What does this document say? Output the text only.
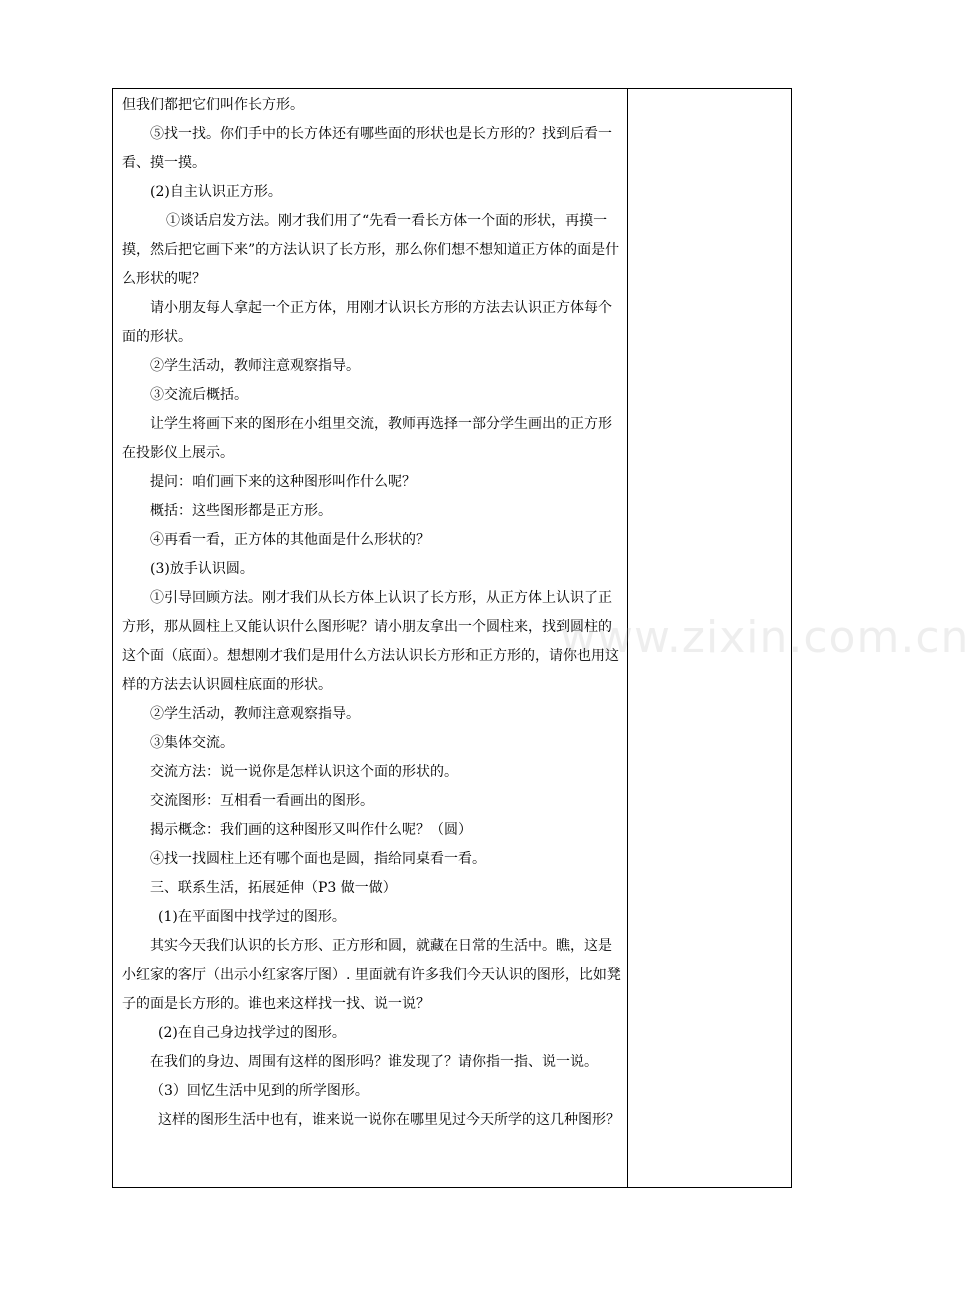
但我们都把它们叫作长方形。

⑤找一找。你们手中的长方体还有哪些面的形状也是长方形的？找到后看一看、摸一摸。

(2)自主认识正方形。

①谈话启发方法。刚才我们用了“先看一看长方体一个面的形状，再摸一摸，然后把它画下来”的方法认识了长方形，那么你们想不想知道正方体的面是什么形状的呢？

请小朋友每人拿起一个正方体，用刚才认识长方形的方法去认识正方体每个面的形状。

②学生活动，教师注意观察指导。

③交流后概括。

让学生将画下来的图形在小组里交流，教师再选择一部分学生画出的正方形在投影仪上展示。

提问：咱们画下来的这种图形叫作什么呢？

概括：这些图形都是正方形。

④再看一看，正方体的其他面是什么形状的？

(3)放手认识圆。

①引导回顾方法。刚才我们从长方体上认识了长方形，从正方体上认识了正方形，那从圆柱上又能认识什么图形呢？请小朋友拿出一个圆柱来，找到圆柱的这个面（底面）。想想刚才我们是用什么方法认识长方形和正方形的，请你也用这样的方法去认识圆柱底面的形状。

②学生活动，教师注意观察指导。

③集体交流。

交流方法：说一说你是怎样认识这个面的形状的。

交流图形：互相看一看画出的图形。

揭示概念：我们画的这种图形又叫作什么呢？（圆）

④找一找圆柱上还有哪个面也是圆，指给同桌看一看。

三、联系生活，拓展延伸（P3 做一做）

(1)在平面图中找学过的图形。

其实今天我们认识的长方形、正方形和圆，就藏在日常的生活中。瞧，这是小红家的客厅（出示小红家客厅图）. 里面就有许多我们今天认识的图形，比如凳子的面是长方形的。谁也来这样找一找、说一说？

(2)在自己身边找学过的图形。

在我们的身边、周围有这样的图形吗？谁发现了？请你指一指、说一说。

（3）回忆生活中见到的所学图形。

这样的图形生活中也有，谁来说一说你在哪里见过今天所学的这几种图形？

www.zixin.com.cn
